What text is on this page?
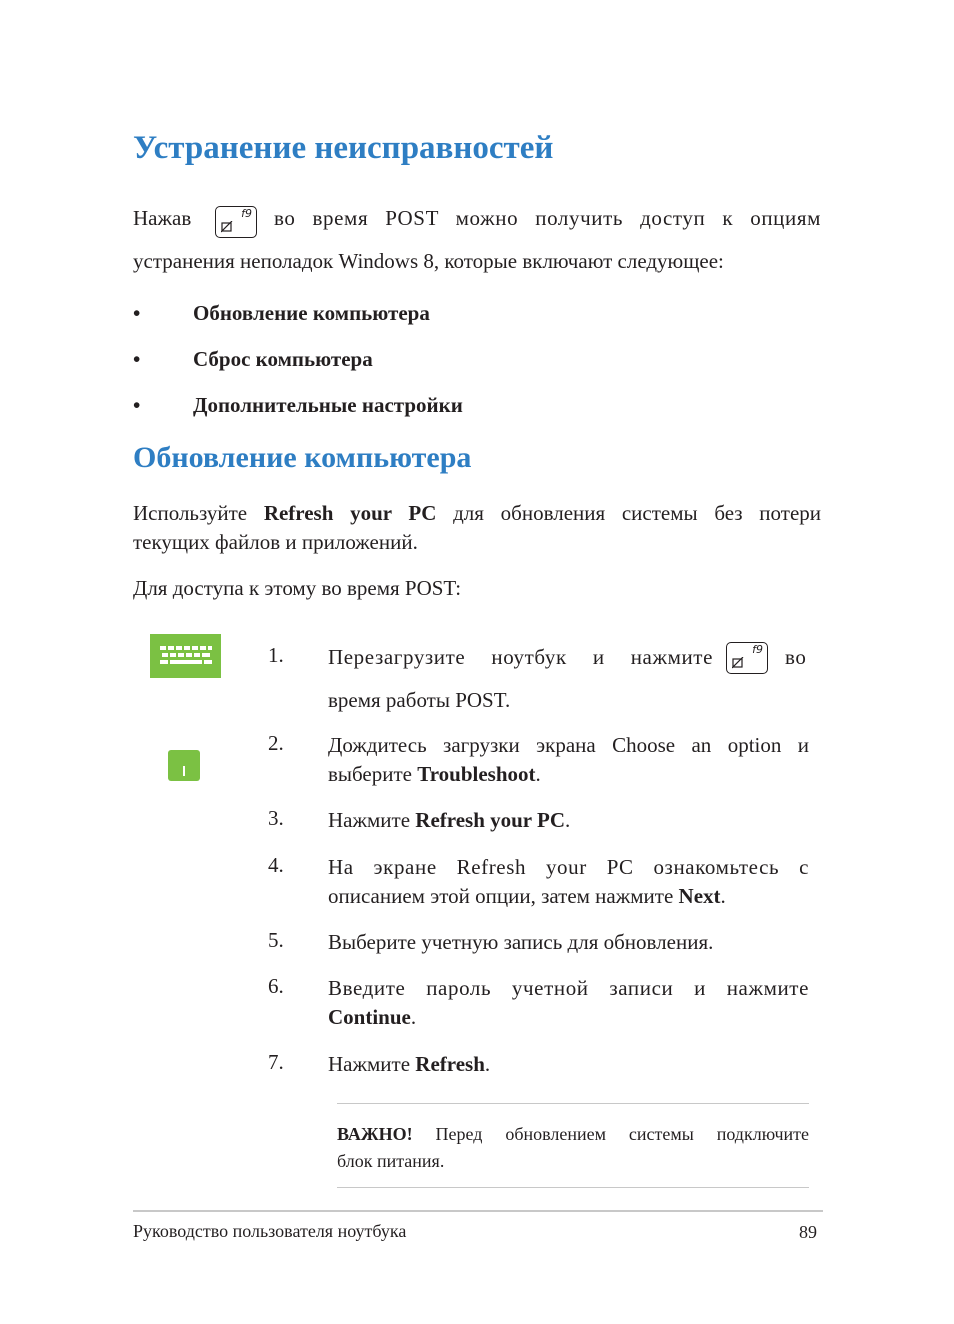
Устранение неисправностей
Нажав	f9 во время POST можно получить доступ к опциям
устранения неполадок Windows 8, которые включают следующее:
•	Обновление компьютера
•	Сброс компьютера
•	Дополнительные настройки
Обновление компьютера
Используйте Refresh your PC для обновления системы без потери
текущих файлов и приложений.
Для доступа к этому во время POST:
1.	Перезагрузите ноутбук и нажмите	f9 во
время работы POST.
2.	Дождитесь загрузки экрана Choose an option и
выберите Troubleshoot.
3.	Нажмите Refresh your PC.
4.	На экране Refresh your PC ознакомьтесь с
описанием этой опции, затем нажмите Next.
5.	Выберите учетную запись для обновления.
6.	Введите пароль учетной записи и нажмите
Continue.
7.	Нажмите Refresh.
ВАЖНО! Перед обновлением системы подключите
блок питания.
Руководство пользователя ноутбука	89
